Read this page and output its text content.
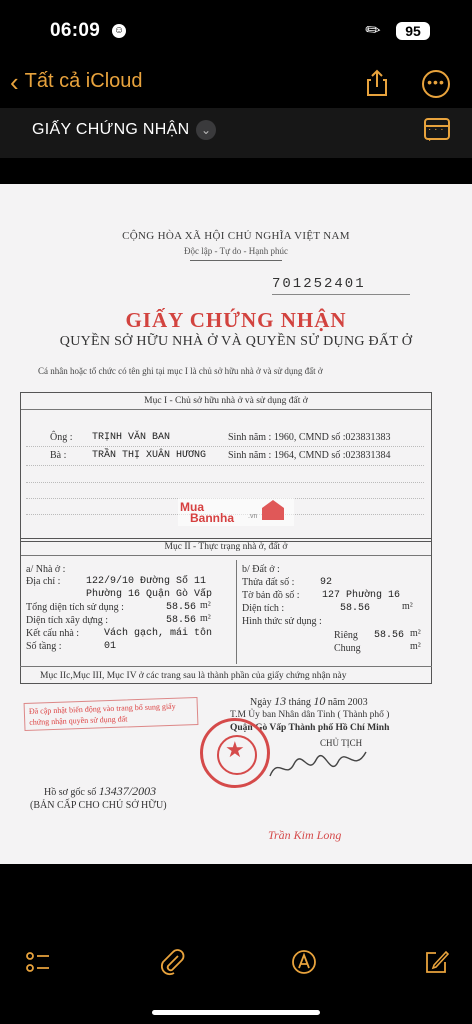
06:09 ☺	✎	95
‹ Tất cả iCloud	•••
GIẤY CHỨNG NHẬN ⌄
· · · ·
CỘNG HÒA XÃ HỘI CHỦ NGHĨA VIỆT NAM
Độc lập - Tự do - Hạnh phúc
701252401
GIẤY CHỨNG NHẬN
QUYỀN SỞ HỮU NHÀ Ở VÀ QUYỀN SỬ DỤNG ĐẤT Ở
Cá nhân hoặc tổ chức có tên ghi tại mục I là chủ sở hữu nhà ở và sử dụng đất ở
Mục I - Chủ sở hữu nhà ở và sử dụng đất ở
Ông : TRỊNH VĂN BAN	Sinh năm : 1960, CMND số :023831383
Bà :	TRẦN THỊ XUÂN HƯƠNG Sinh năm : 1964, CMND số :023831384
Mua
Bannha .vn
Mục II - Thực trạng nhà ở, đất ở
a/ Nhà ở :
Địa chỉ :	122/9/10 Đường Số 11
Phường 16 Quận Gò Vấp
Tổng diện tích sử dụng :	58.56 m²
Diện tích xây dựng :	58.56 m²
Kết cấu nhà : Vách gạch, mái tôn
Số tầng :	01
b/ Đất ở :
Thửa đất số :	92
Tờ bản đồ số : 127 Phường 16
Diện tích :	58.56	m²
Hình thức sử dụng :
Riêng 58.56 m²
Chung	m²
Mục IIc,Mục III, Mục IV ở các trang sau là thành phần của giấy chứng nhận này
Đã cập nhật biến động vào trang bổ sung giấy chứng nhận quyền sử dụng đất
Ngày 13 tháng 10 năm 2003
T.M Ủy ban Nhân dân Tỉnh ( Thành phố )
Quận Gò Vấp Thành phố Hồ Chí Minh
CHỦ TỊCH
★
Hồ sơ gốc số 13437/2003
(BẢN CẤP CHO CHỦ SỞ HỮU)
Trần Kim Long
